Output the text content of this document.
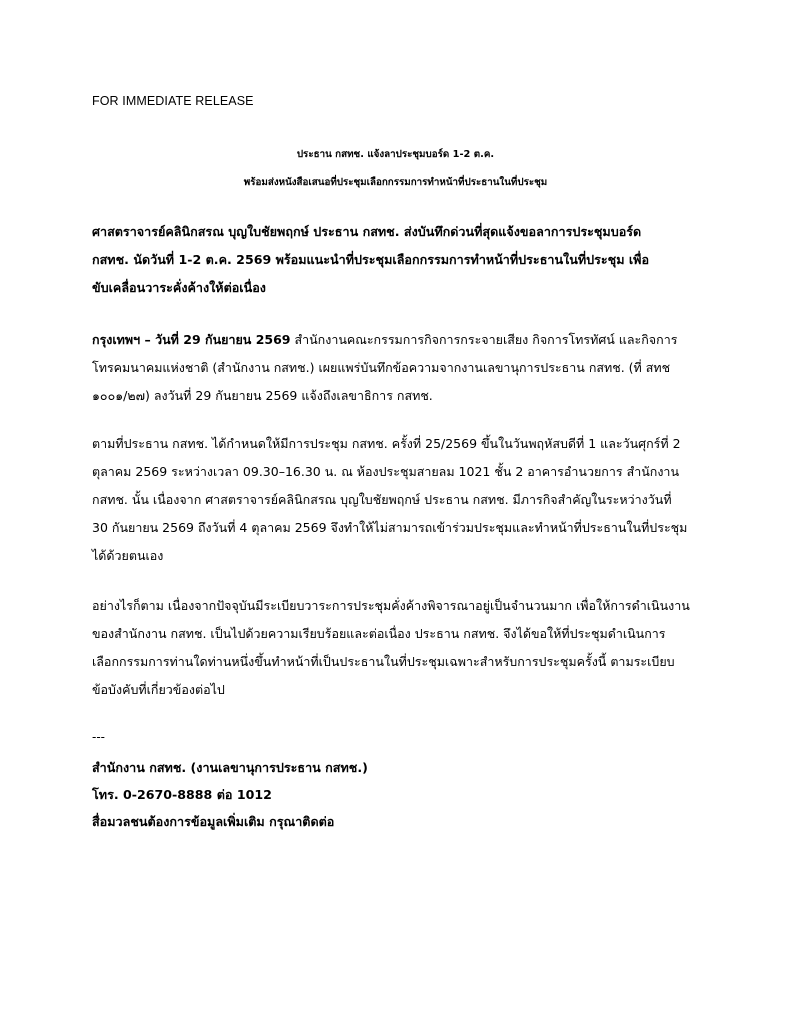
FOR IMMEDIATE RELEASE
ประธาน กสทช. แจ้งลาประชุมบอร์ด 1-2 ต.ค.
พร้อมส่งหนังสือเสนอที่ประชุมเลือกกรรมการทำหน้าที่ประธานในที่ประชุม
ศาสตราจารย์คลินิกสรณ บุญใบชัยพฤกษ์ ประธาน กสทช. ส่งบันทึกด่วนที่สุดแจ้งขอลาการประชุมบอร์ด
กสทช. นัดวันที่ 1-2 ต.ค. 2569 พร้อมแนะนำที่ประชุมเลือกกรรมการทำหน้าที่ประธานในที่ประชุม เพื่อ
ขับเคลื่อนวาระคั่งค้างให้ต่อเนื่อง
กรุงเทพฯ – วันที่ 29 กันยายน 2569 สำนักงานคณะกรรมการกิจการกระจายเสียง กิจการโทรทัศน์ และกิจการ
โทรคมนาคมแห่งชาติ (สำนักงาน กสทช.) เผยแพร่บันทึกข้อความจากงานเลขานุการประธาน กสทช. (ที่ สทช
๑๐๐๑/๒๗) ลงวันที่ 29 กันยายน 2569 แจ้งถึงเลขาธิการ กสทช.
ตามที่ประธาน กสทช. ได้กำหนดให้มีการประชุม กสทช. ครั้งที่ 25/2569 ขึ้นในวันพฤหัสบดีที่ 1 และวันศุกร์ที่ 2
ตุลาคม 2569 ระหว่างเวลา 09.30–16.30 น. ณ ห้องประชุมสายลม 1021 ชั้น 2 อาคารอำนวยการ สำนักงาน
กสทช. นั้น เนื่องจาก ศาสตราจารย์คลินิกสรณ บุญใบชัยพฤกษ์ ประธาน กสทช. มีภารกิจสำคัญในระหว่างวันที่
30 กันยายน 2569 ถึงวันที่ 4 ตุลาคม 2569 จึงทำให้ไม่สามารถเข้าร่วมประชุมและทำหน้าที่ประธานในที่ประชุม
ได้ด้วยตนเอง
อย่างไรก็ตาม เนื่องจากปัจจุบันมีระเบียบวาระการประชุมคั่งค้างพิจารณาอยู่เป็นจำนวนมาก เพื่อให้การดำเนินงาน
ของสำนักงาน กสทช. เป็นไปด้วยความเรียบร้อยและต่อเนื่อง ประธาน กสทช. จึงได้ขอให้ที่ประชุมดำเนินการ
เลือกกรรมการท่านใดท่านหนึ่งขึ้นทำหน้าที่เป็นประธานในที่ประชุมเฉพาะสำหรับการประชุมครั้งนี้ ตามระเบียบ
ข้อบังคับที่เกี่ยวข้องต่อไป
---
สำนักงาน กสทช. (งานเลขานุการประธาน กสทช.)
โทร. 0-2670-8888 ต่อ 1012
สื่อมวลชนต้องการข้อมูลเพิ่มเติม กรุณาติดต่อ
